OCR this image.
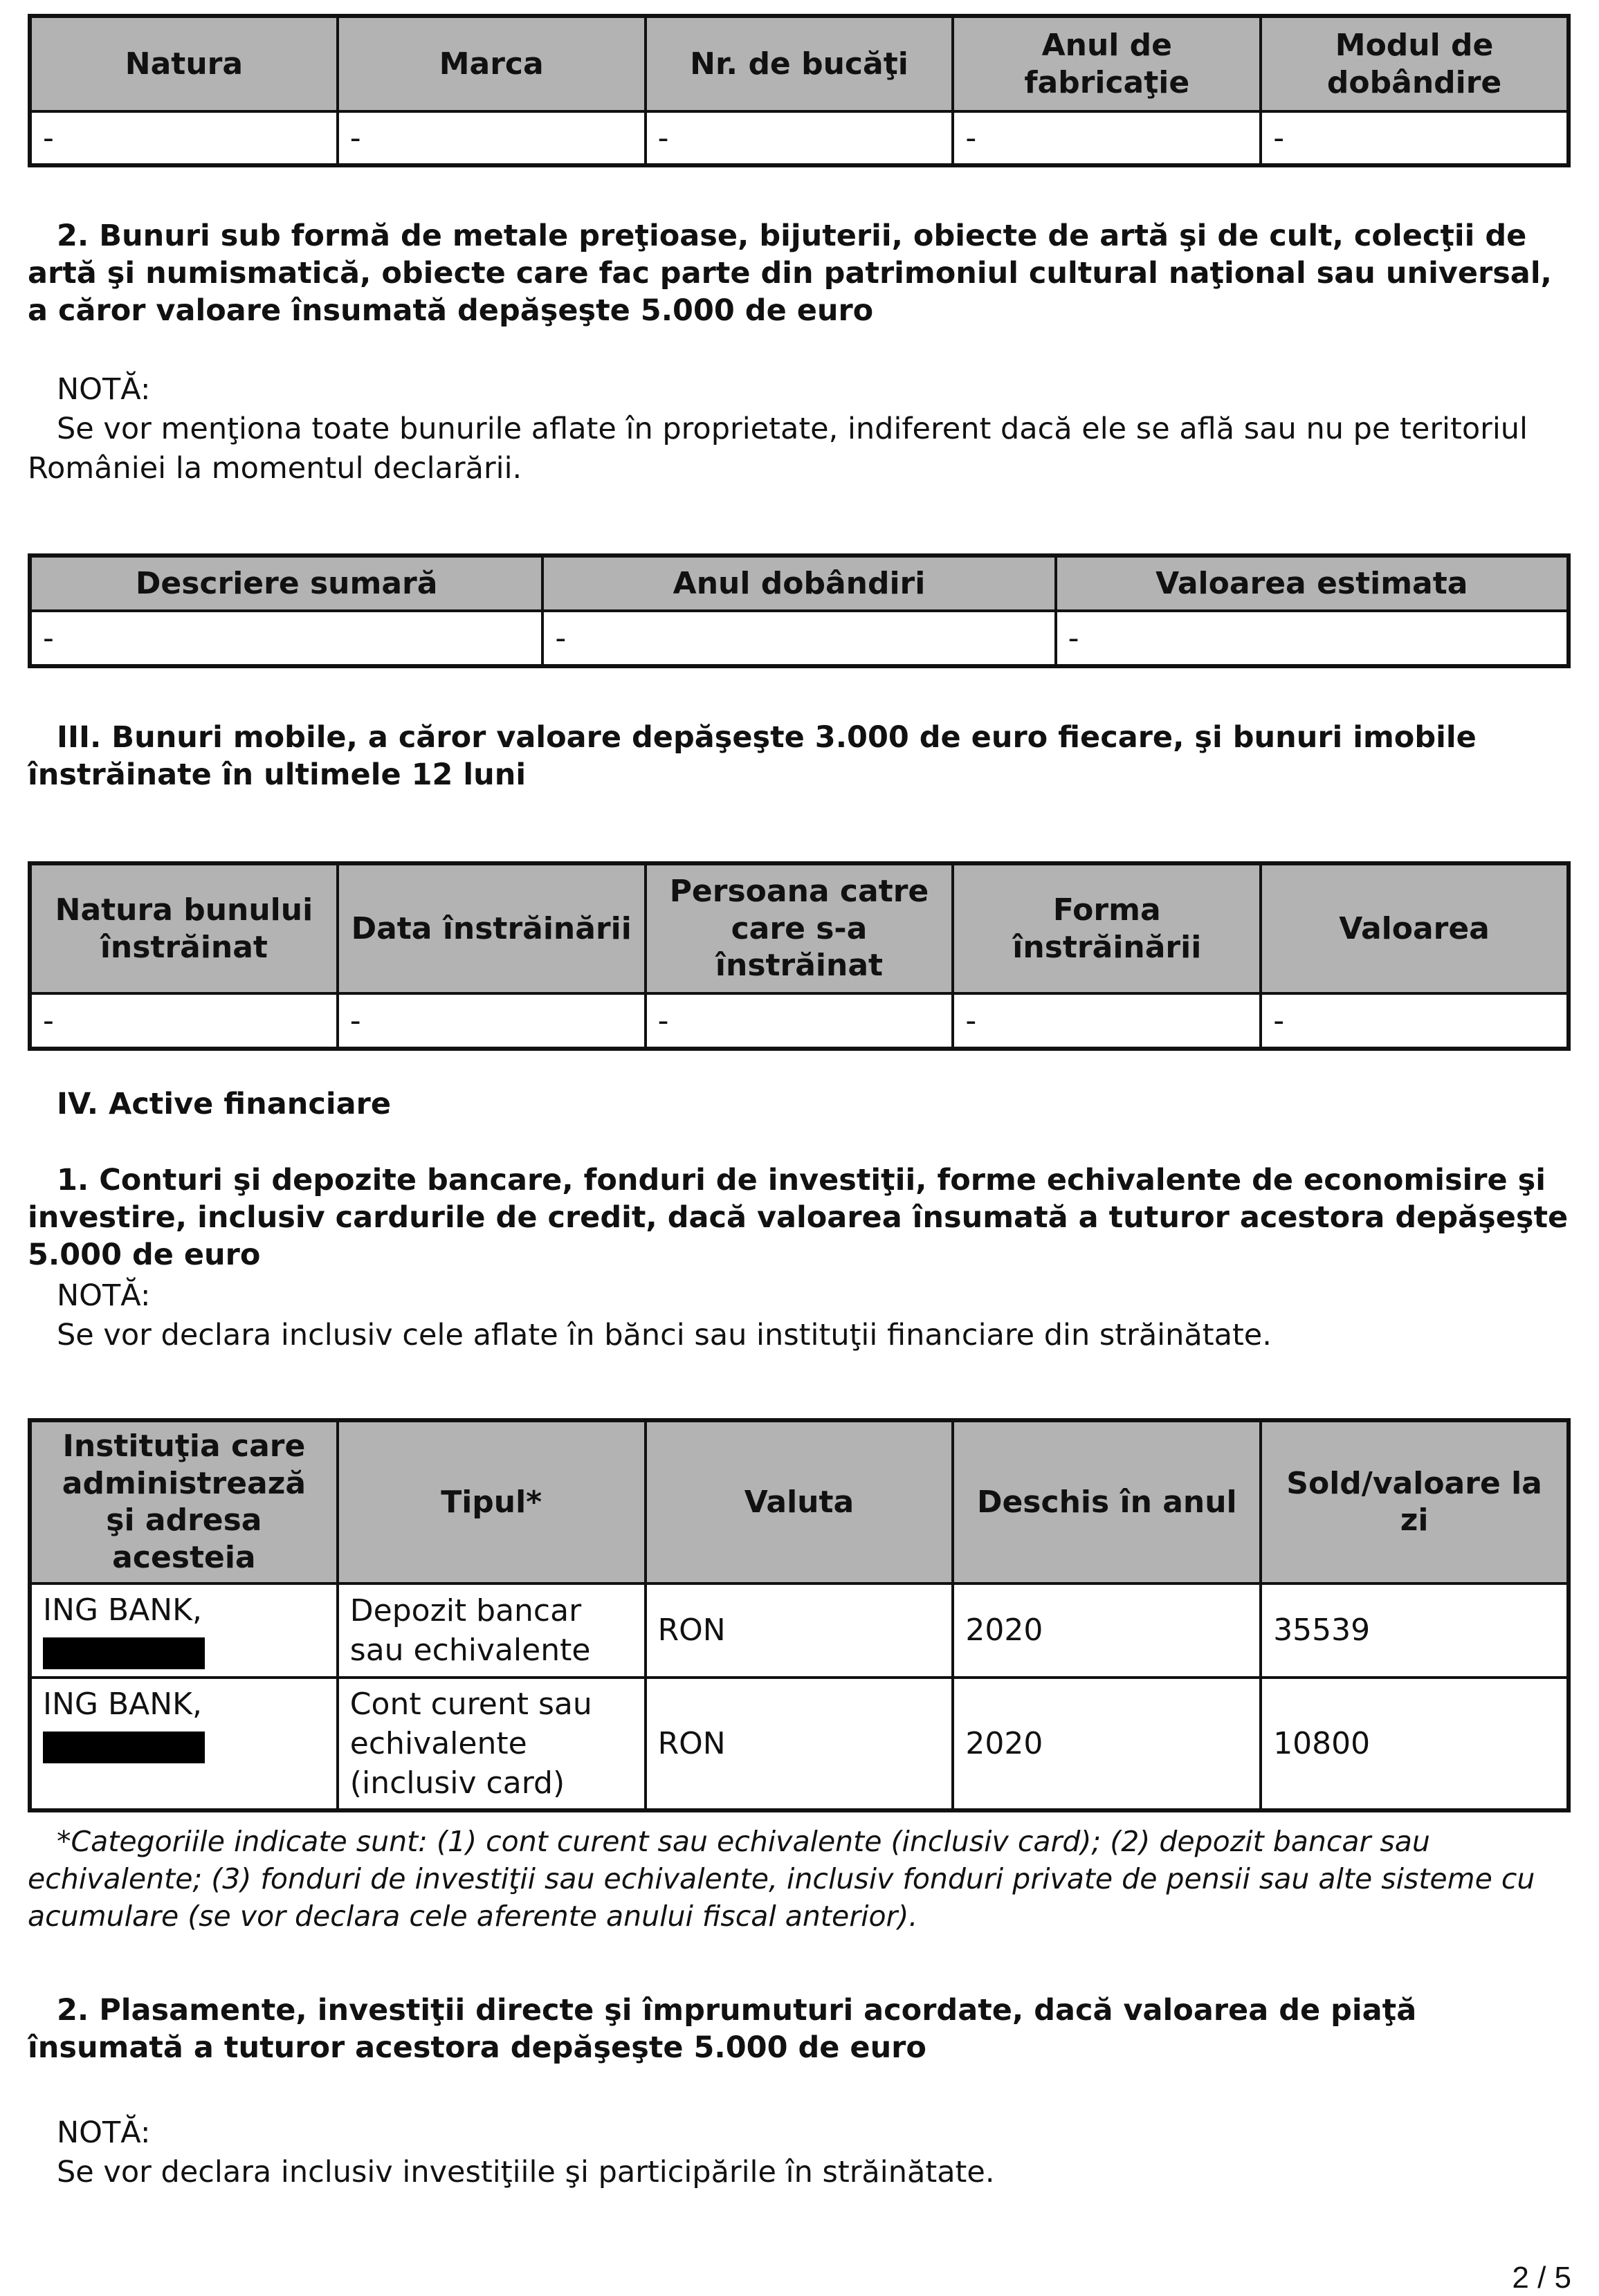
Natura	Marca	Nr. de bucăţi	Anul de fabricaţie	Modul de dobândire
-	-	-	-	-

2. Bunuri sub formă de metale preţioase, bijuterii, obiecte de artă şi de cult, colecţii de artă şi numismatică, obiecte care fac parte din patrimoniul cultural naţional sau universal, a căror valoare însumată depăşeşte 5.000 de euro

NOTĂ:

Se vor menţiona toate bunurile aflate în proprietate, indiferent dacă ele se află sau nu pe teritoriul României la momentul declarării.

Descriere sumară	Anul dobândiri	Valoarea estimata
-	-	-

III. Bunuri mobile, a căror valoare depăşeşte 3.000 de euro fiecare, şi bunuri imobile înstrăinate în ultimele 12 luni

Natura bunului înstrăinat	Data înstrăinării	Persoana catre care s-a înstrăinat	Forma înstrăinării	Valoarea
-	-	-	-	-

IV. Active financiare

1. Conturi şi depozite bancare, fonduri de investiţii, forme echivalente de economisire şi investire, inclusiv cardurile de credit, dacă valoarea însumată a tuturor acestora depăşeşte 5.000 de euro

NOTĂ:

Se vor declara inclusiv cele aflate în bănci sau instituţii financiare din străinătate.

Instituţia care administrează şi adresa acesteia	Tipul*	Valuta	Deschis în anul	Sold/valoare la zi

ING BANK,	Depozit bancar sau echivalente	RON	2020	35539

ING BANK,	Cont curent sau echivalente (inclusiv card)	RON	2020	10800

*Categoriile indicate sunt: (1) cont curent sau echivalente (inclusiv card); (2) depozit bancar sau echivalente; (3) fonduri de investiţii sau echivalente, inclusiv fonduri private de pensii sau alte sisteme cu acumulare (se vor declara cele aferente anului fiscal anterior).

2. Plasamente, investiţii directe şi împrumuturi acordate, dacă valoarea de piaţă însumată a tuturor acestora depăşeşte 5.000 de euro

NOTĂ:

Se vor declara inclusiv investiţiile şi participările în străinătate.

2 / 5
